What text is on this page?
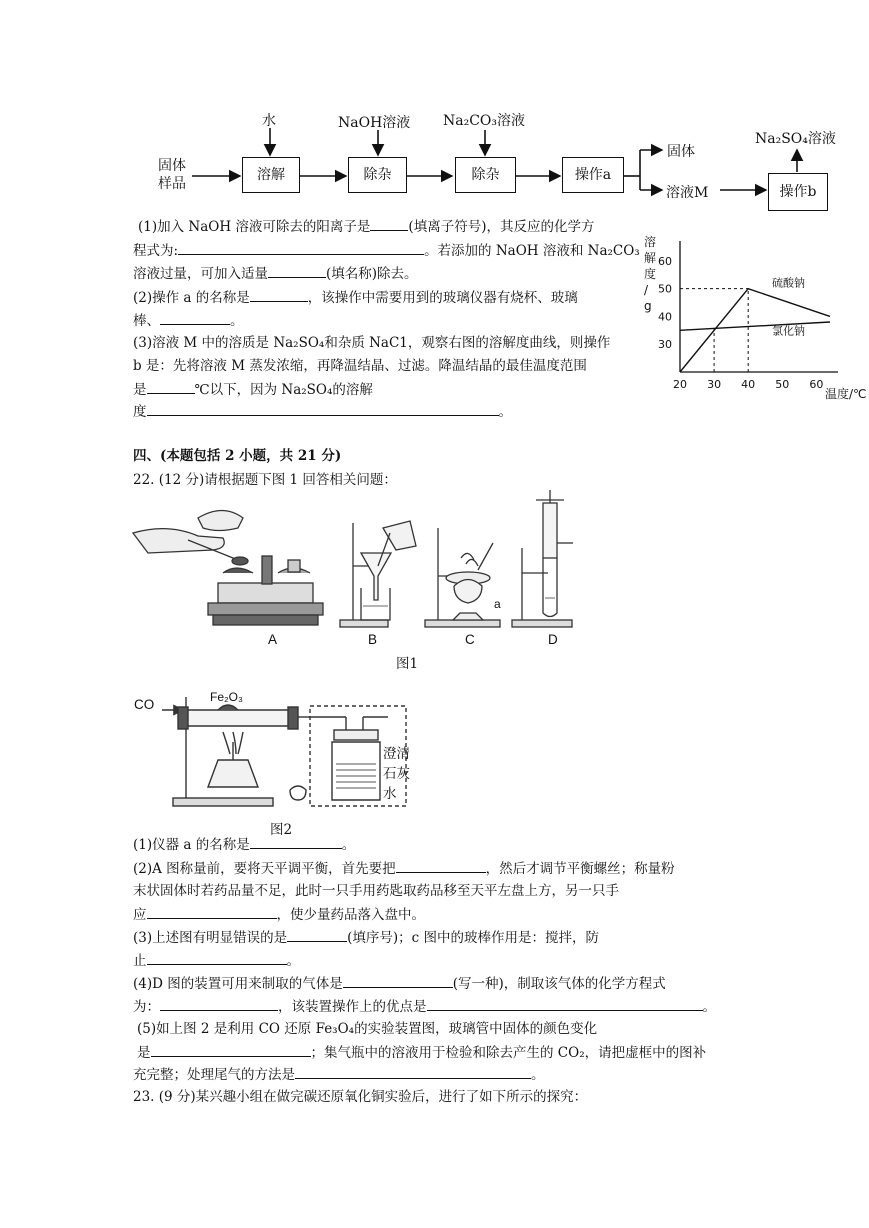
固体
样品
水	NaOH溶液 Na₂CO₃溶液
溶解	除杂	除杂	操作a
固体
溶液M	操作b
Na₂SO₄溶液
(1)加入 NaOH 溶液可除去的阳离子是	(填离子符号)，其反应的化学方
程式为:	。若添加的 NaOH 溶液和 Na₂CO₃
溶液过量，可加入适量	(填名称)除去。
(2)操作 a 的名称是	，该操作中需要用到的玻璃仪器有烧杯、玻璃
棒、	。
(3)溶液 M 中的溶质是 Na₂SO₄和杂质 NaC1，观察右图的溶解度曲线，则操作
b 是：先将溶液 M 蒸发浓缩，再降温结晶、过滤。降温结晶的最佳温度范围
是	℃以下，因为 Na₂SO₄的溶解
度	。
溶
解
度
/
g
温度/℃
20 30 40 50 60
30
40
50
60
硫酸钠
氯化钠
四、(本题包括 2 小题，共 21 分)
22. (12 分)请根据题下图 1 回答相关问题：
A	B	C	D
a
图1
CO	Fe₂O₃
澄清
石灰
水
图2
(1)仪器 a 的名称是	。
(2)A 图称量前，要将天平调平衡，首先要把	，然后才调节平衡螺丝；称量粉
末状固体时若药品量不足，此时一只手用药匙取药品移至天平左盘上方，另一只手
应	，使少量药品落入盘中。
(3)上述图有明显错误的是	(填序号)；c 图中的玻棒作用是：搅拌，防
止	。
(4)D 图的装置可用来制取的气体是	(写一种)，制取该气体的化学方程式
为：	，该装置操作上的优点是	。
(5)如上图 2 是利用 CO 还原 Fe₃O₄的实验装置图，玻璃管中固体的颜色变化
是	；集气瓶中的溶液用于检验和除去产生的 CO₂，请把虚框中的图补
充完整；处理尾气的方法是	。
23. (9 分)某兴趣小组在做完碳还原氧化铜实验后，进行了如下所示的探究：
